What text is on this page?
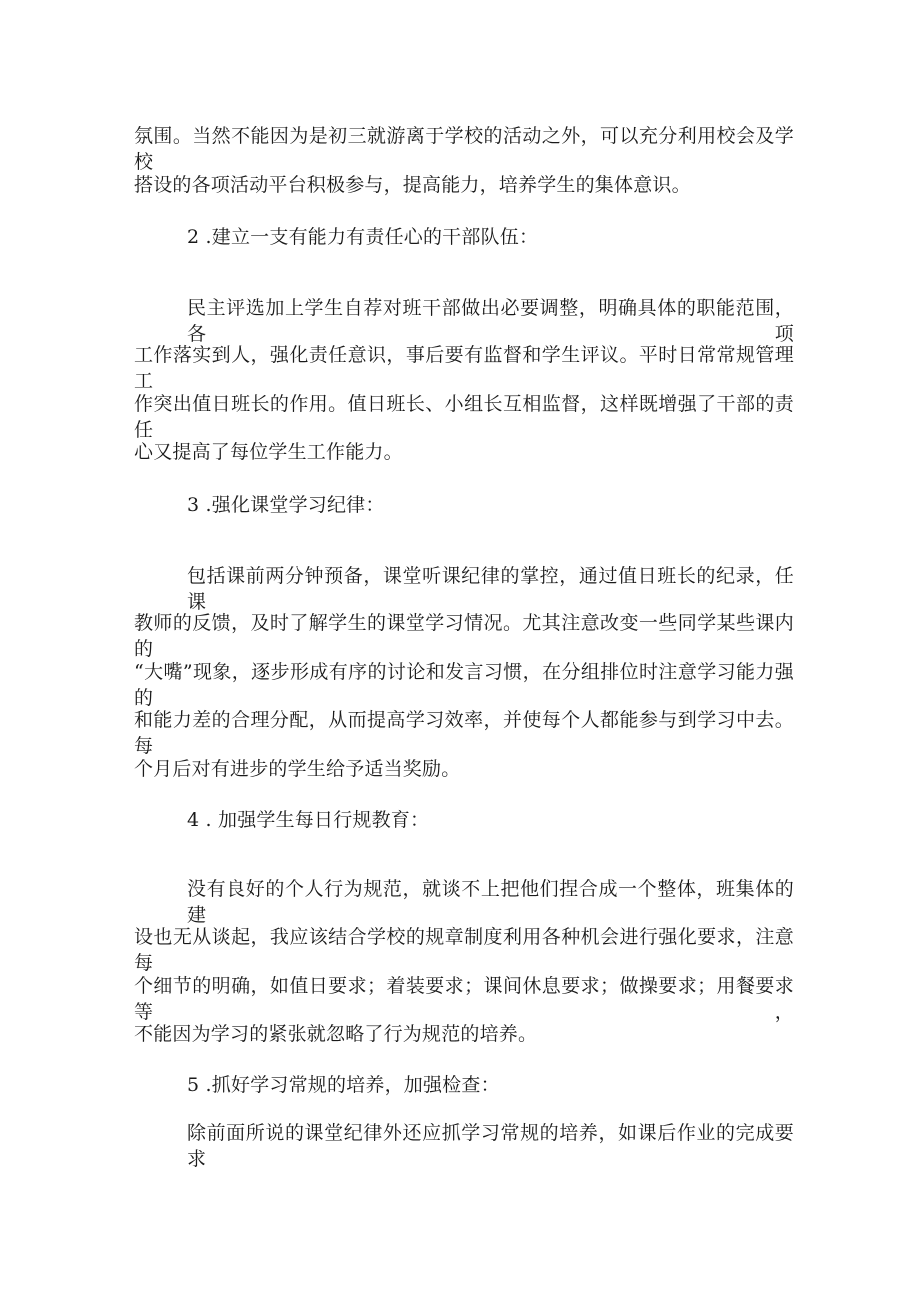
氛围。当然不能因为是初三就游离于学校的活动之外，可以充分利用校会及学校
搭设的各项活动平台积极参与，提高能力，培养学生的集体意识。
2 .建立一支有能力有责任心的干部队伍：
民主评选加上学生自荐对班干部做出必要调整，明确具体的职能范围，各项
工作落实到人，强化责任意识，事后要有监督和学生评议。平时日常常规管理工
作突出值日班长的作用。值日班长、小组长互相监督，这样既增强了干部的责任
心又提高了每位学生工作能力。
3 .强化课堂学习纪律：
包括课前两分钟预备，课堂听课纪律的掌控，通过值日班长的纪录，任课
教师的反馈，及时了解学生的课堂学习情况。尤其注意改变一些同学某些课内的
“大嘴”现象，逐步形成有序的讨论和发言习惯，在分组排位时注意学习能力强的
和能力差的合理分配，从而提高学习效率，并使每个人都能参与到学习中去。每
个月后对有进步的学生给予适当奖励。
4 . 加强学生每日行规教育：
没有良好的个人行为规范，就谈不上把他们捏合成一个整体，班集体的建
设也无从谈起，我应该结合学校的规章制度利用各种机会进行强化要求，注意每
个细节的明确，如值日要求；着装要求；课间休息要求；做操要求；用餐要求等，
不能因为学习的紧张就忽略了行为规范的培养。
5 .抓好学习常规的培养，加强检查：
除前面所说的课堂纪律外还应抓学习常规的培养，如课后作业的完成要求
